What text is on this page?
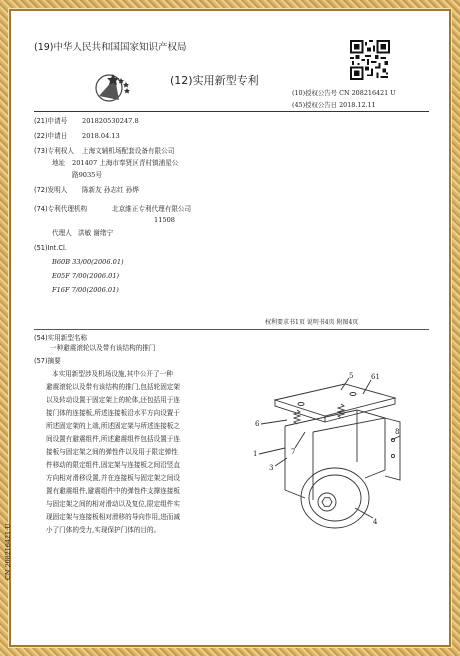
(19)中华人民共和国国家知识产权局
(12)实用新型专利
(10)授权公告号 CN 208216421 U
(45)授权公告日 2018.12.11
(21)申请号 201820530247.8
(22)申请日 2018.04.13
(73)专利权人 上海文辅机场配套设备有限公司
地址 201407 上海市奉贤区青村镇浦星公
路9035号
(72)发明人 陈新友 孙志红 孙烨
(74)专利代理机构	北京維正专利代理有限公司
11508
代理人 洪敏 谢绪宁
(51)Int.Cl.
B60B 33/00(2006.01)
E05F 7/00(2006.01)
F16F 7/00(2006.01)
权利要求书1页 说明书4页 附图4页
(54)实用新型名称
一种避震滚轮以及带有该结构的推门
(57)摘要
本实用新型涉及机场设施,其中公开了一种
避震滚轮以及带有该结构的推门,包括轮固定架
以及转动设置于固定架上的轮体,还包括用于连
接门体的连接板,所述连接板沿水平方向设置于
所述固定架的上端,所述固定架与所述连接板之
间设置有避震组件,所述避震组件包括设置于连
接板与固定架之间的弹性件以及用于限定弹性
件移动的限定组件,固定架与连接板之间沿竖直
方向相对滑移设置,并在连接板与固定架之间设
置有避震组件,避震组件中的弹性件支撑连接板
与固定架之间的相对滑动以及复位,限定组件实
现固定架与连接板相对滑移的导向作用,进而减
小了门体的受力,实现保护门体的目的。
CN 208216421 U
5	61
6
7
1
3
4
8
